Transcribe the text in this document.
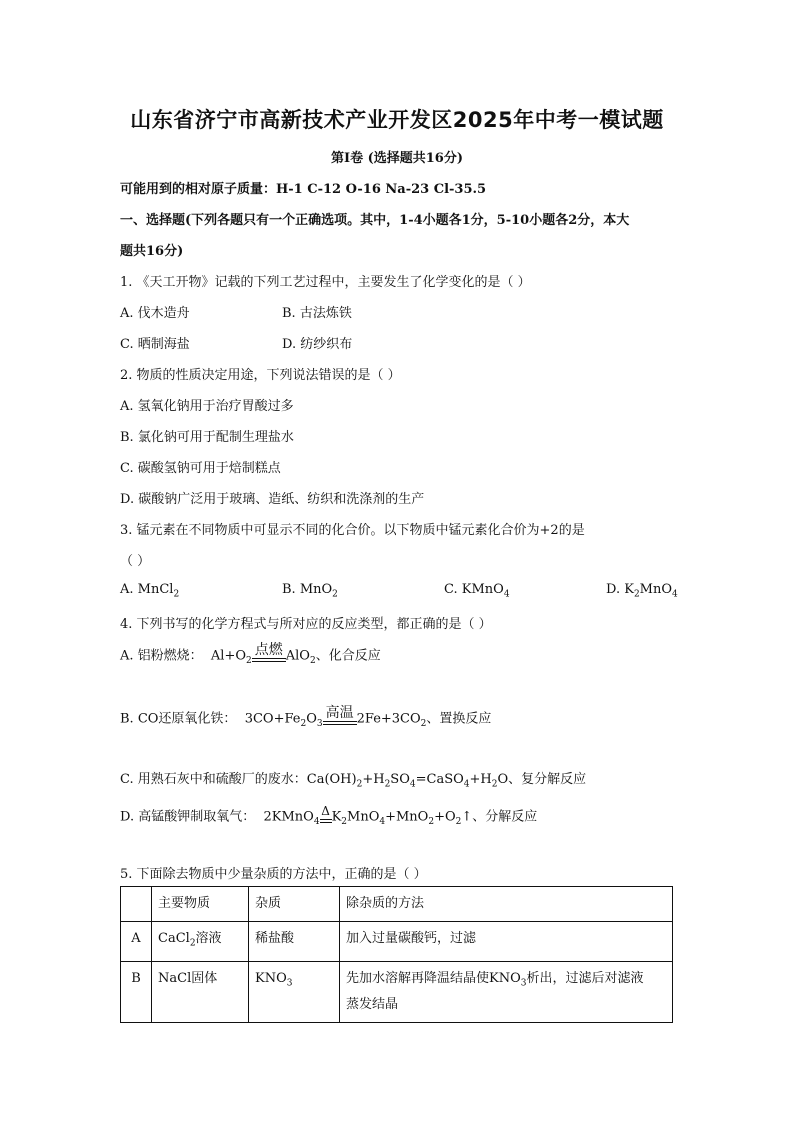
山东省济宁市高新技术产业开发区2025年中考一模试题
第I卷 (选择题共16分)
可能用到的相对原子质量：H-1 C-12 O-16 Na-23 Cl-35.5
一、选择题(下列各题只有一个正确选项。其中，1-4小题各1分，5-10小题各2分，本大
题共16分)
1. 《天工开物》记载的下列工艺过程中，主要发生了化学变化的是（ ）
A. 伐木造舟	B. 古法炼铁
C. 晒制海盐	D. 纺纱织布
2. 物质的性质决定用途，下列说法错误的是（ ）
A. 氢氧化钠用于治疗胃酸过多
B. 氯化钠可用于配制生理盐水
C. 碳酸氢钠可用于焙制糕点
D. 碳酸钠广泛用于玻璃、造纸、纺织和洗涤剂的生产
3. 锰元素在不同物质中可显示不同的化合价。以下物质中锰元素化合价为+2的是
（ ）
A. MnCl$_2$	B. MnO$_2$	C. KMnO$_4$	D. $K_2MnO_4$
4. 下列书写的化学方程式与所对应的反应类型，都正确的是（ ）
A. 铝粉燃烧： $Al+O_2$
点燃 AlO$_2$、化合反应
B. CO还原氧化铁： $3CO+Fe_2O_3$
高温 $2Fe+3CO_2$、置换反应
C. 用熟石灰中和硫酸厂的废水：$Ca(OH)_2+H_2SO_4=CaSO_4+H_2O$、复分解反应
D. 高锰酸钾制取氧气： 2KMnO$_4$
Δ $K_2MnO_4+MnO_2+O_2↑$、分解反应
5. 下面除去物质中少量杂质的方法中，正确的是（ ）
	主要物质	杂质	除杂质的方法
A	CaCl$_2$溶液	稀盐酸	加入过量碳酸钙，过滤
B	NaCl固体	$KNO_3$	先加水溶解再降温结晶使$KNO_3$析出，过滤后对滤液
蒸发结晶
